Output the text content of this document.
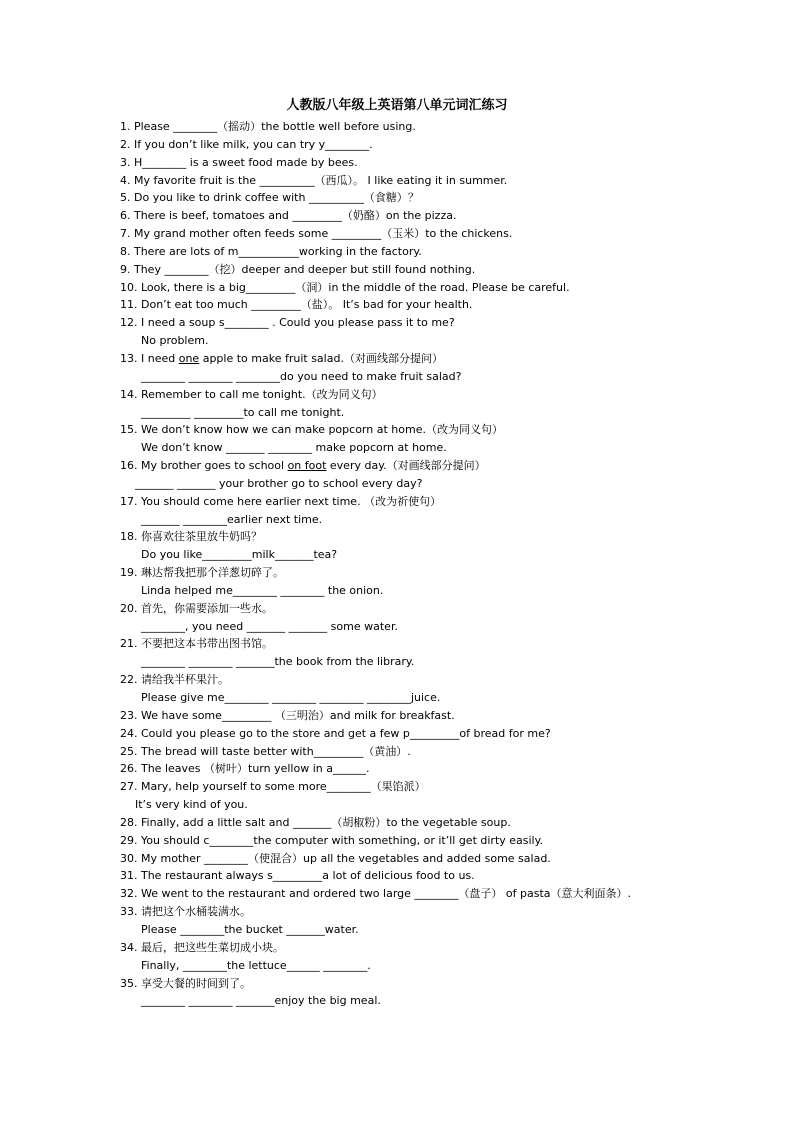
人教版八年级上英语第八单元词汇练习
1. Please ________（摇动）the bottle well before using.
2. If you don’t like milk, you can try y________.
3. H________ is a sweet food made by bees.
4. My favorite fruit is the __________（西瓜）。 I like eating it in summer.
5. Do you like to drink coffee with __________（食糖）？
6. There is beef, tomatoes and _________（奶酪）on the pizza.
7. My grand mother often feeds some _________（玉米）to the chickens.
8. There are lots of m___________working in the factory.
9. They ________（挖）deeper and deeper but still found nothing.
10. Look, there is a big_________（洞）in the middle of the road. Please be careful.
11. Don’t eat too much _________（盐）。 It’s bad for your health.
12. I need a soup s________ . Could you please pass it to me?
No problem.
13. I need one apple to make fruit salad.（对画线部分提问）
________ ________ ________do you need to make fruit salad?
14. Remember to call me tonight.（改为同义句）
_________ _________to call me tonight.
15. We don’t know how we can make popcorn at home.（改为同义句）
We don’t know _______ ________ make popcorn at home.
16. My brother goes to school on foot every day.（对画线部分提问）
_______ _______ your brother go to school every day?
17. You should come here earlier next time. （改为祈使句）
_______ ________earlier next time.
18. 你喜欢往茶里放牛奶吗？
Do you like_________milk_______tea?
19. 琳达帮我把那个洋葱切碎了。
Linda helped me________ ________ the onion.
20. 首先，你需要添加一些水。
________, you need _______ _______ some water.
21. 不要把这本书带出图书馆。
________ ________ _______the book from the library.
22. 请给我半杯果汁。
Please give me________ ________ ________ ________juice.
23. We have some_________ （三明治）and milk for breakfast.
24. Could you please go to the store and get a few p_________of bread for me?
25. The bread will taste better with_________（黄油）.
26. The leaves （树叶）turn yellow in a______.
27. Mary, help yourself to some more________（果馅派）
It’s very kind of you.
28. Finally, add a little salt and _______（胡椒粉）to the vegetable soup.
29. You should c________the computer with something, or it’ll get dirty easily.
30. My mother ________（使混合）up all the vegetables and added some salad.
31. The restaurant always s_________a lot of delicious food to us.
32. We went to the restaurant and ordered two large ________（盘子） of pasta（意大利面条）.
33. 请把这个水桶装满水。
Please ________the bucket _______water.
34. 最后，把这些生菜切成小块。
Finally, ________the lettuce______ ________.
35. 享受大餐的时间到了。
________ ________ _______enjoy the big meal.
